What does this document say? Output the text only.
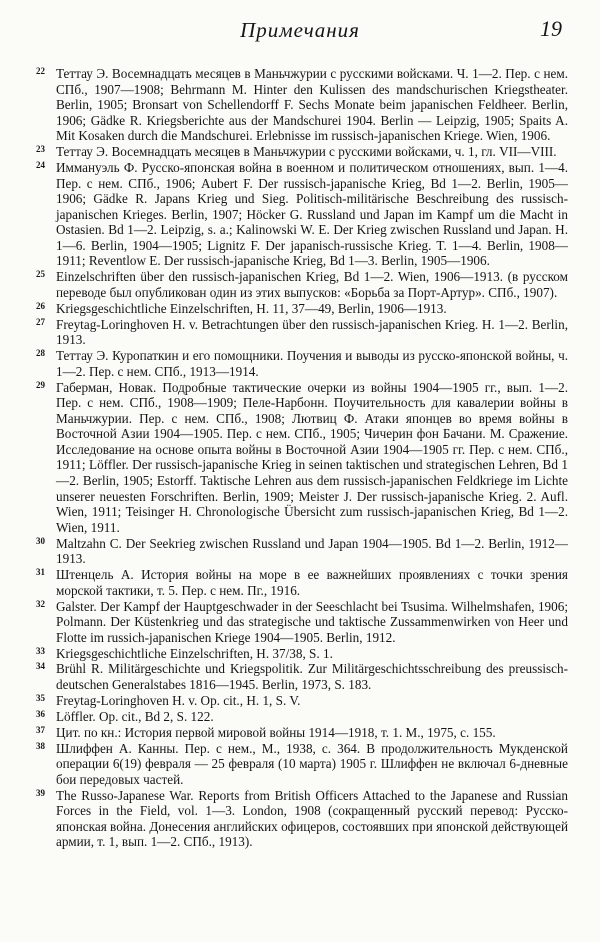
Примечания	19
22 Теттау Э. Восемнадцать месяцев в Маньчжурии с русскими войсками. Ч. 1—2. Пер. с нем. СПб., 1907—1908; Behrmann M. Hinter den Kulissen des mandschurischen Kriegstheater. Berlin, 1905; Bronsart von Schellendorff F. Sechs Monate beim japanischen Feldheer. Berlin, 1906; Gädke R. Kriegsberichte aus der Mandschurei 1904. Berlin — Leipzig, 1905; Spaits A. Mit Kosaken durch die Mandschurei. Erlebnisse im russisch-japanischen Kriege. Wien, 1906.
23 Теттау Э. Восемнадцать месяцев в Маньчжурии с русскими войсками, ч. 1, гл. VII—VIII.
24 Иммануэль Ф. Русско-японская война в военном и политическом отношениях, вып. 1—4. Пер. с нем. СПб., 1906; Aubert F. Der russisch-japanische Krieg, Bd 1—2. Berlin, 1905—1906; Gädke R. Japans Krieg und Sieg. Politisch-militärische Beschreibung des russisch-japanischen Krieges. Berlin, 1907; Höcker G. Russland und Japan im Kampf um die Macht in Ostasien. Bd 1—2. Leipzig, s. a.; Kalinowski W. E. Der Krieg zwischen Russland und Japan. H. 1—6. Berlin, 1904—1905; Lignitz F. Der japanisch-russische Krieg. T. 1—4. Berlin, 1908—1911; Reventlow E. Der russisch-japanische Krieg, Bd 1—3. Berlin, 1905—1906.
25 Einzelschriften über den russisch-japanischen Krieg, Bd 1—2. Wien, 1906—1913. (в русском переводе был опубликован один из этих выпусков: «Борьба за Порт-Артур». СПб., 1907).
26 Kriegsgeschichtliche Einzelschriften, H. 11, 37—49, Berlin, 1906—1913.
27 Freytag-Loringhoven H. v. Betrachtungen über den russisch-japanischen Krieg. H. 1—2. Berlin, 1913.
28 Теттау Э. Куропаткин и его помощники. Поучения и выводы из русско-японской войны, ч. 1—2. Пер. с нем. СПб., 1913—1914.
29 Габерман, Новак. Подробные тактические очерки из войны 1904—1905 гг., вып. 1—2. Пер. с нем. СПб., 1908—1909; Пеле-Нарбонн. Поучительность для кавалерии войны в Маньчжурии. Пер. с нем. СПб., 1908; Лютвиц Ф. Атаки японцев во время войны в Восточной Азии 1904—1905. Пер. с нем. СПб., 1905; Чичерин фон Бачани. М. Сражение. Исследование на основе опыта войны в Восточной Азии 1904—1905 гг. Пер. с нем. СПб., 1911; Löffler. Der russisch-japanische Krieg in seinen taktischen und strategischen Lehren, Bd 1—2. Berlin, 1905; Estorff. Taktische Lehren aus dem russisch-japanischen Feldkriege im Lichte unserer neuesten Forschriften. Berlin, 1909; Meister J. Der russisch-japanische Krieg. 2. Aufl. Wien, 1911; Teisinger H. Chronologische Übersicht zum russisch-japanischen Krieg, Bd 1—2. Wien, 1911.
30 Maltzahn C. Der Seekrieg zwischen Russland und Japan 1904—1905. Bd 1—2. Berlin, 1912—1913.
31 Штенцель А. История войны на море в ее важнейших проявлениях с точки зрения морской тактики, т. 5. Пер. с нем. Пг., 1916.
32 Galster. Der Kampf der Hauptgeschwader in der Seeschlacht bei Tsusima. Wilhelmshafen, 1906; Polmann. Der Küstenkrieg und das strategische und taktische Zussammenwirken von Heer und Flotte im russich-japanischen Kriege 1904—1905. Berlin, 1912.
33 Kriegsgeschichtliche Einzelschriften, H. 37/38, S. 1.
34 Brühl R. Militärgeschichte und Kriegspolitik. Zur Militärgeschichtsschreibung des preussisch-deutschen Generalstabes 1816—1945. Berlin, 1973, S. 183.
35 Freytag-Loringhoven H. v. Op. cit., H. 1, S. V.
36 Löffler. Op. cit., Bd 2, S. 122.
37 Цит. по кн.: История первой мировой войны 1914—1918, т. 1. М., 1975, с. 155.
38 Шлиффен А. Канны. Пер. с нем., М., 1938, с. 364. В продолжительность Мукденской операции 6(19) февраля — 25 февраля (10 марта) 1905 г. Шлиффен не включал 6-дневные бои передовых частей.
39 The Russo-Japanese War. Reports from British Officers Attached to the Japanese and Russian Forces in the Field, vol. 1—3. London, 1908 (сокращенный русский перевод: Русско-японская война. Донесения английских офицеров, состоявших при японской действующей армии, т. 1, вып. 1—2. СПб., 1913).
